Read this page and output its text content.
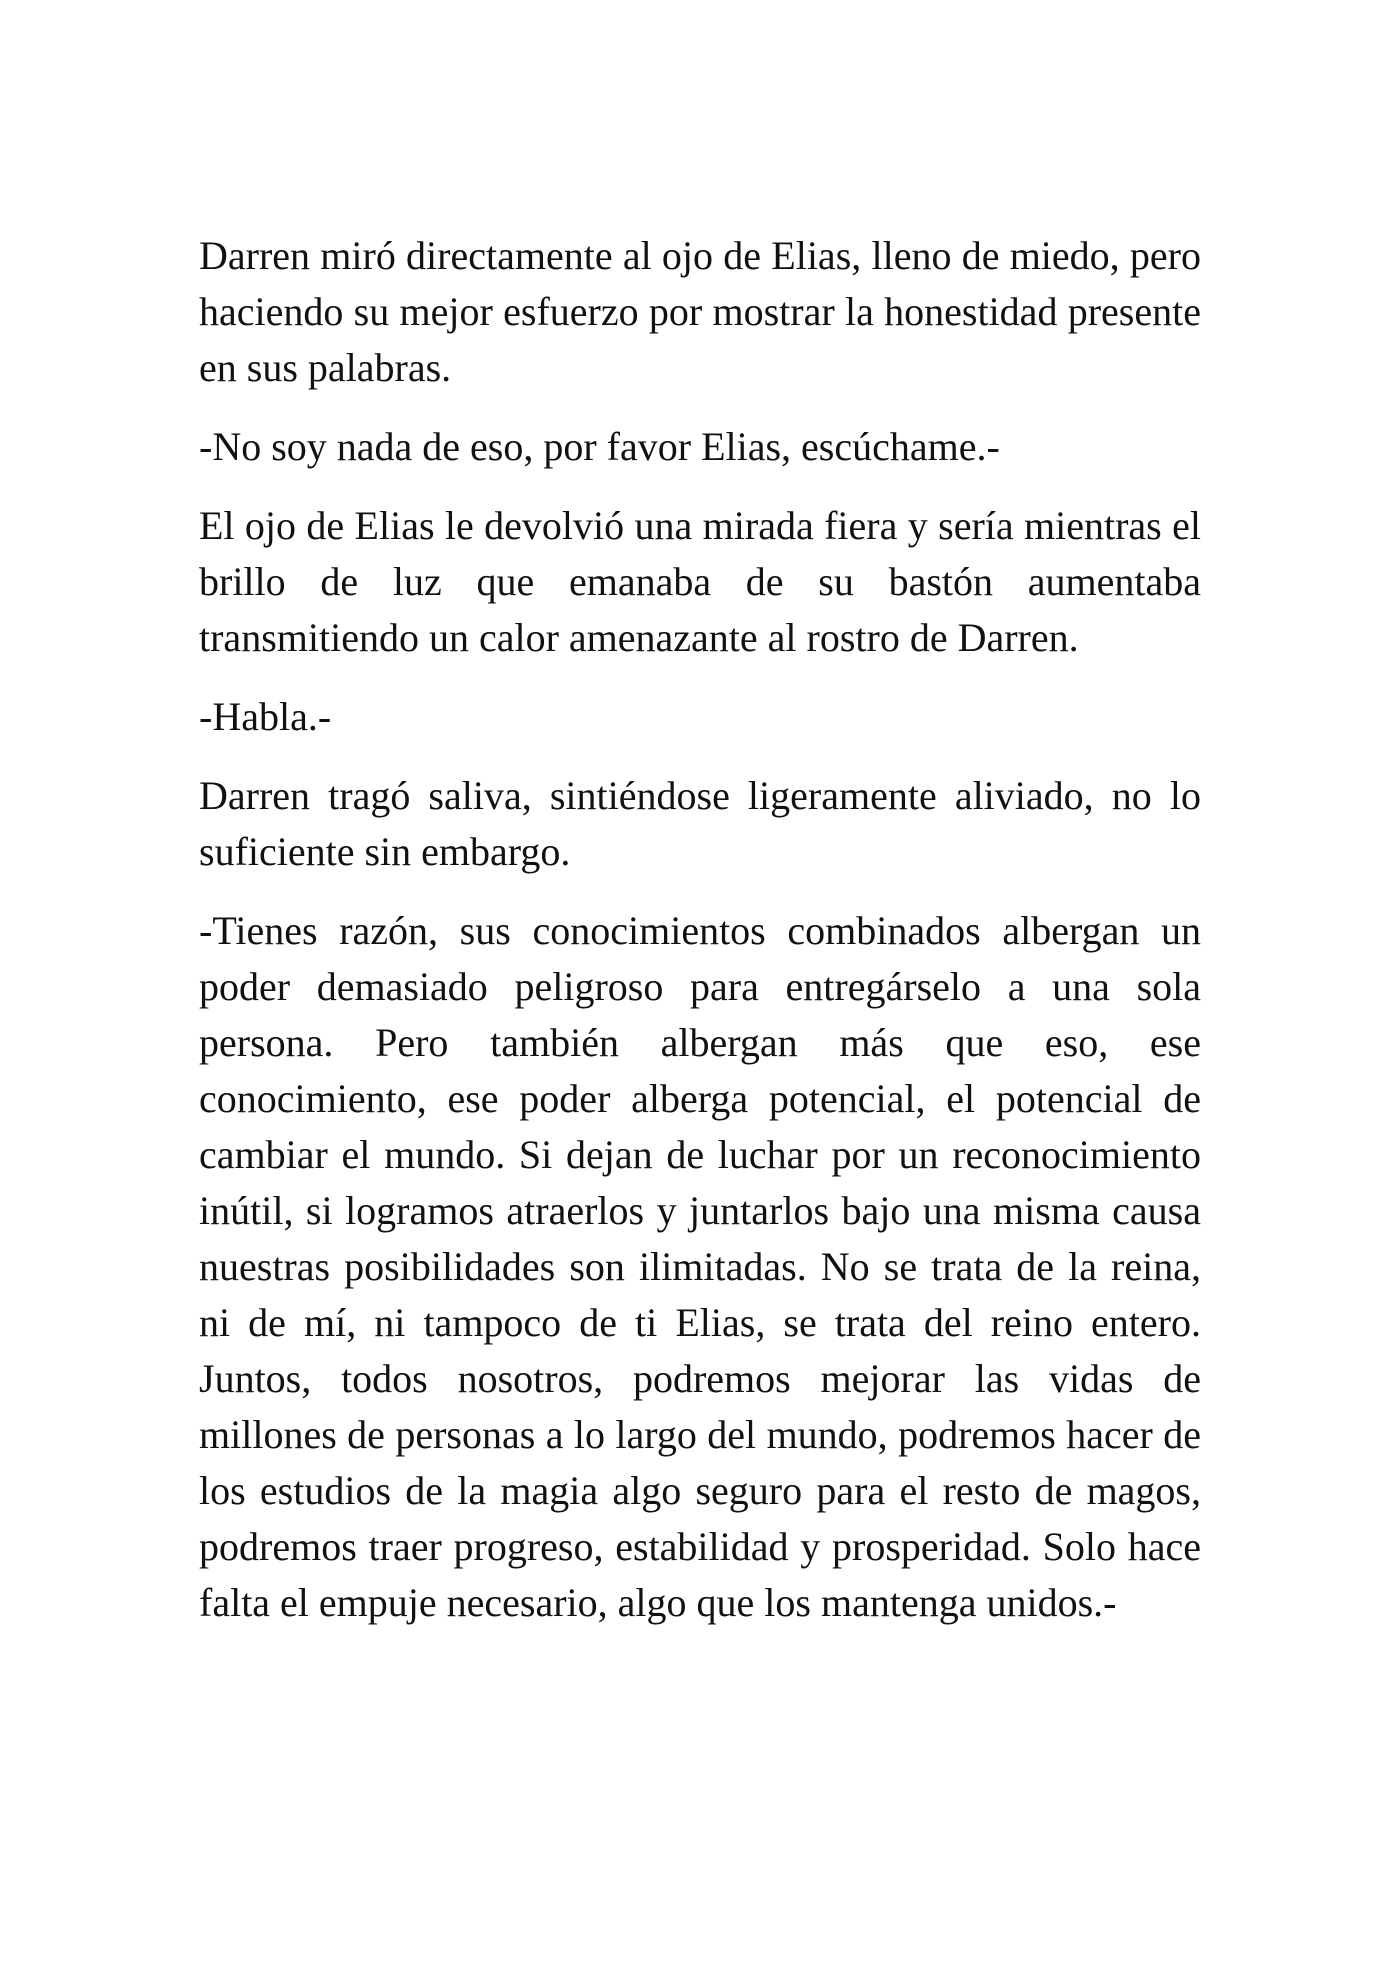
Darren miró directamente al ojo de Elias, lleno de miedo, pero haciendo su mejor esfuerzo por mostrar la honestidad presente en sus palabras.

-No soy nada de eso, por favor Elias, escúchame.-

El ojo de Elias le devolvió una mirada fiera y sería mientras el brillo de luz que emanaba de su bastón aumentaba transmitiendo un calor amenazante al rostro de Darren.

-Habla.-

Darren tragó saliva, sintiéndose ligeramente aliviado, no lo suficiente sin embargo.

-Tienes razón, sus conocimientos combinados albergan un poder demasiado peligroso para entregárselo a una sola persona. Pero también albergan más que eso, ese conocimiento, ese poder alberga potencial, el potencial de cambiar el mundo. Si dejan de luchar por un reconocimiento inútil, si logramos atraerlos y juntarlos bajo una misma causa nuestras posibilidades son ilimitadas. No se trata de la reina, ni de mí, ni tampoco de ti Elias, se trata del reino entero. Juntos, todos nosotros, podremos mejorar las vidas de millones de personas a lo largo del mundo, podremos hacer de los estudios de la magia algo seguro para el resto de magos, podremos traer progreso, estabilidad y prosperidad. Solo hace falta el empuje necesario, algo que los mantenga unidos.-
